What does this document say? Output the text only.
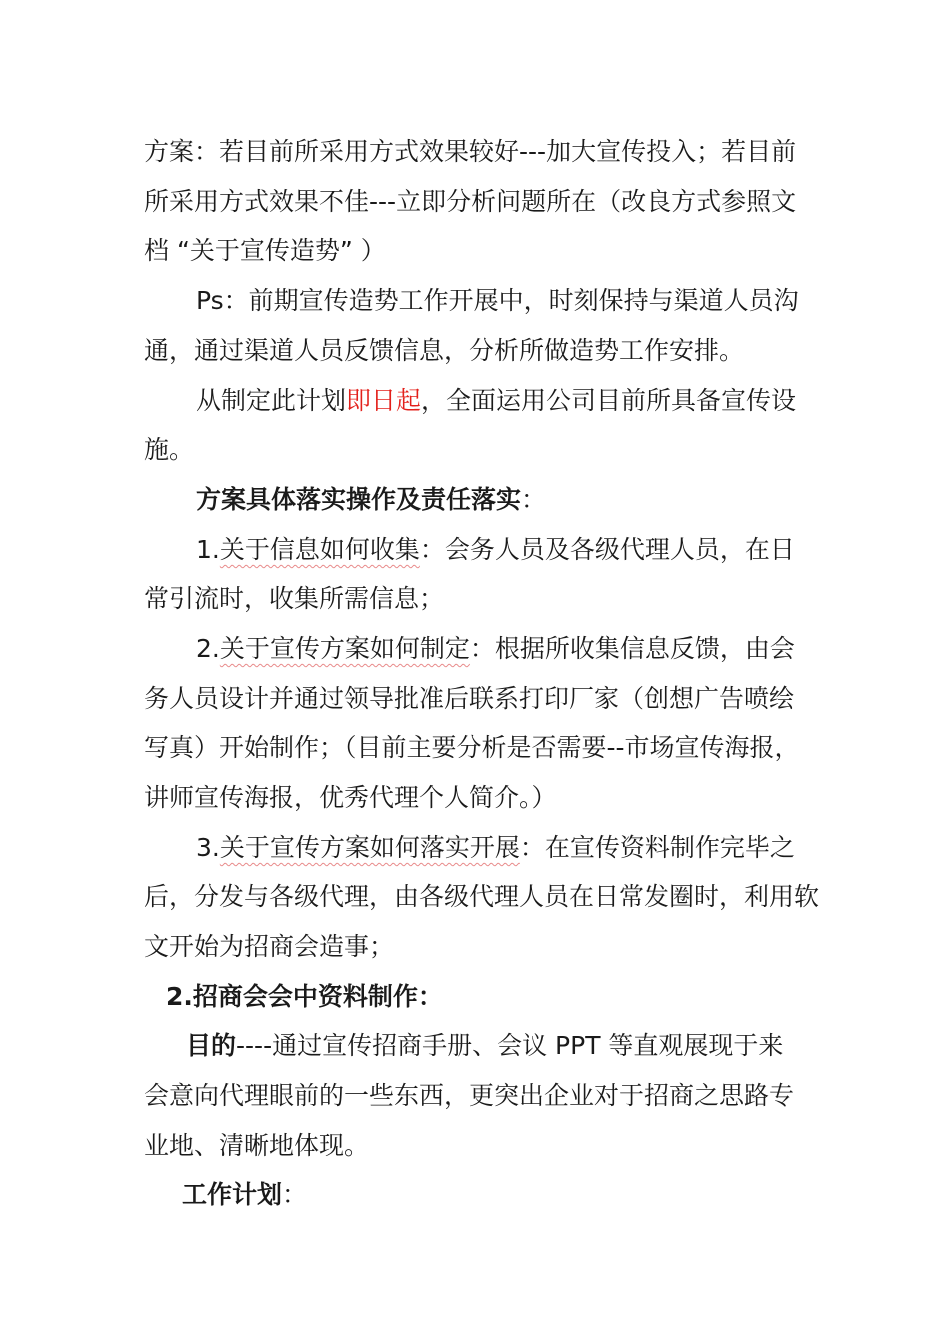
方案：若目前所采用方式效果较好---加大宣传投入；若目前
所采用方式效果不佳---立即分析问题所在（改良方式参照文
档 “关于宣传造势” ）
Ps：前期宣传造势工作开展中，时刻保持与渠道人员沟
通，通过渠道人员反馈信息，分析所做造势工作安排。
从制定此计划即日起，全面运用公司目前所具备宣传设
施。
方案具体落实操作及责任落实：
1.关于信息如何收集：会务人员及各级代理人员，在日
常引流时，收集所需信息；
2.关于宣传方案如何制定：根据所收集信息反馈，由会
务人员设计并通过领导批准后联系打印厂家（创想广告喷绘
写真）开始制作；（目前主要分析是否需要--市场宣传海报，
讲师宣传海报，优秀代理个人简介。）
3.关于宣传方案如何落实开展：在宣传资料制作完毕之
后，分发与各级代理，由各级代理人员在日常发圈时，利用软
文开始为招商会造事；
2.招商会会中资料制作：
目的----通过宣传招商手册、会议 PPT 等直观展现于来
会意向代理眼前的一些东西，更突出企业对于招商之思路专
业地、清晰地体现。
工作计划：
